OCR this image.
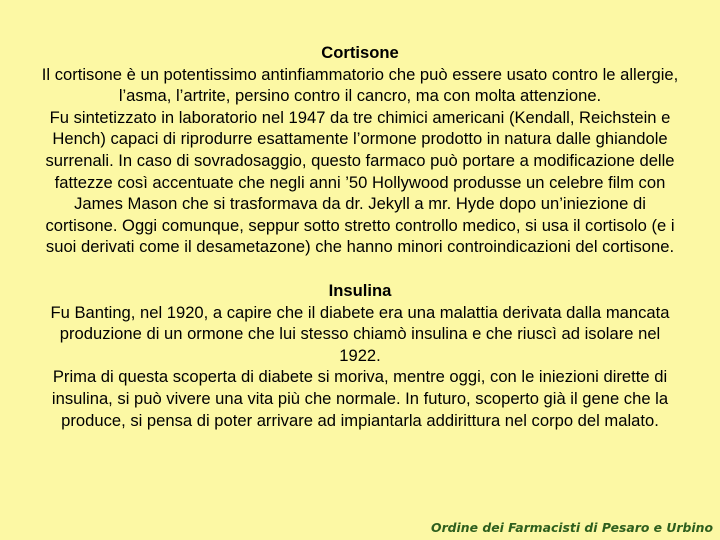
Cortisone
Il cortisone è un potentissimo antinfiammatorio che può essere usato contro le allergie, l’asma, l’artrite, persino contro il cancro, ma con molta attenzione.
Fu sintetizzato in laboratorio nel 1947 da tre chimici americani (Kendall, Reichstein e Hench) capaci di riprodurre esattamente l’ormone prodotto in natura dalle ghiandole surrenali. In caso di sovradosaggio, questo farmaco può portare a modificazione delle fattezze così accentuate che negli anni ’50 Hollywood produsse un celebre film con James Mason che si trasformava da dr. Jekyll a mr. Hyde dopo un’iniezione di cortisone. Oggi comunque, seppur sotto stretto controllo medico, si usa il cortisolo (e i suoi derivati come il desametazone) che hanno minori controindicazioni del cortisone.
Insulina
Fu Banting, nel 1920, a capire che il diabete era una malattia derivata dalla mancata produzione di un ormone che lui stesso chiamò insulina e che riuscì ad isolare nel 1922.
Prima di questa scoperta di diabete si moriva, mentre oggi, con le iniezioni dirette di insulina, si può vivere una vita più che normale. In futuro, scoperto già il gene che la produce, si pensa di poter arrivare ad impiantarla addirittura nel corpo del malato.
Ordine dei Farmacisti di Pesaro e Urbino
